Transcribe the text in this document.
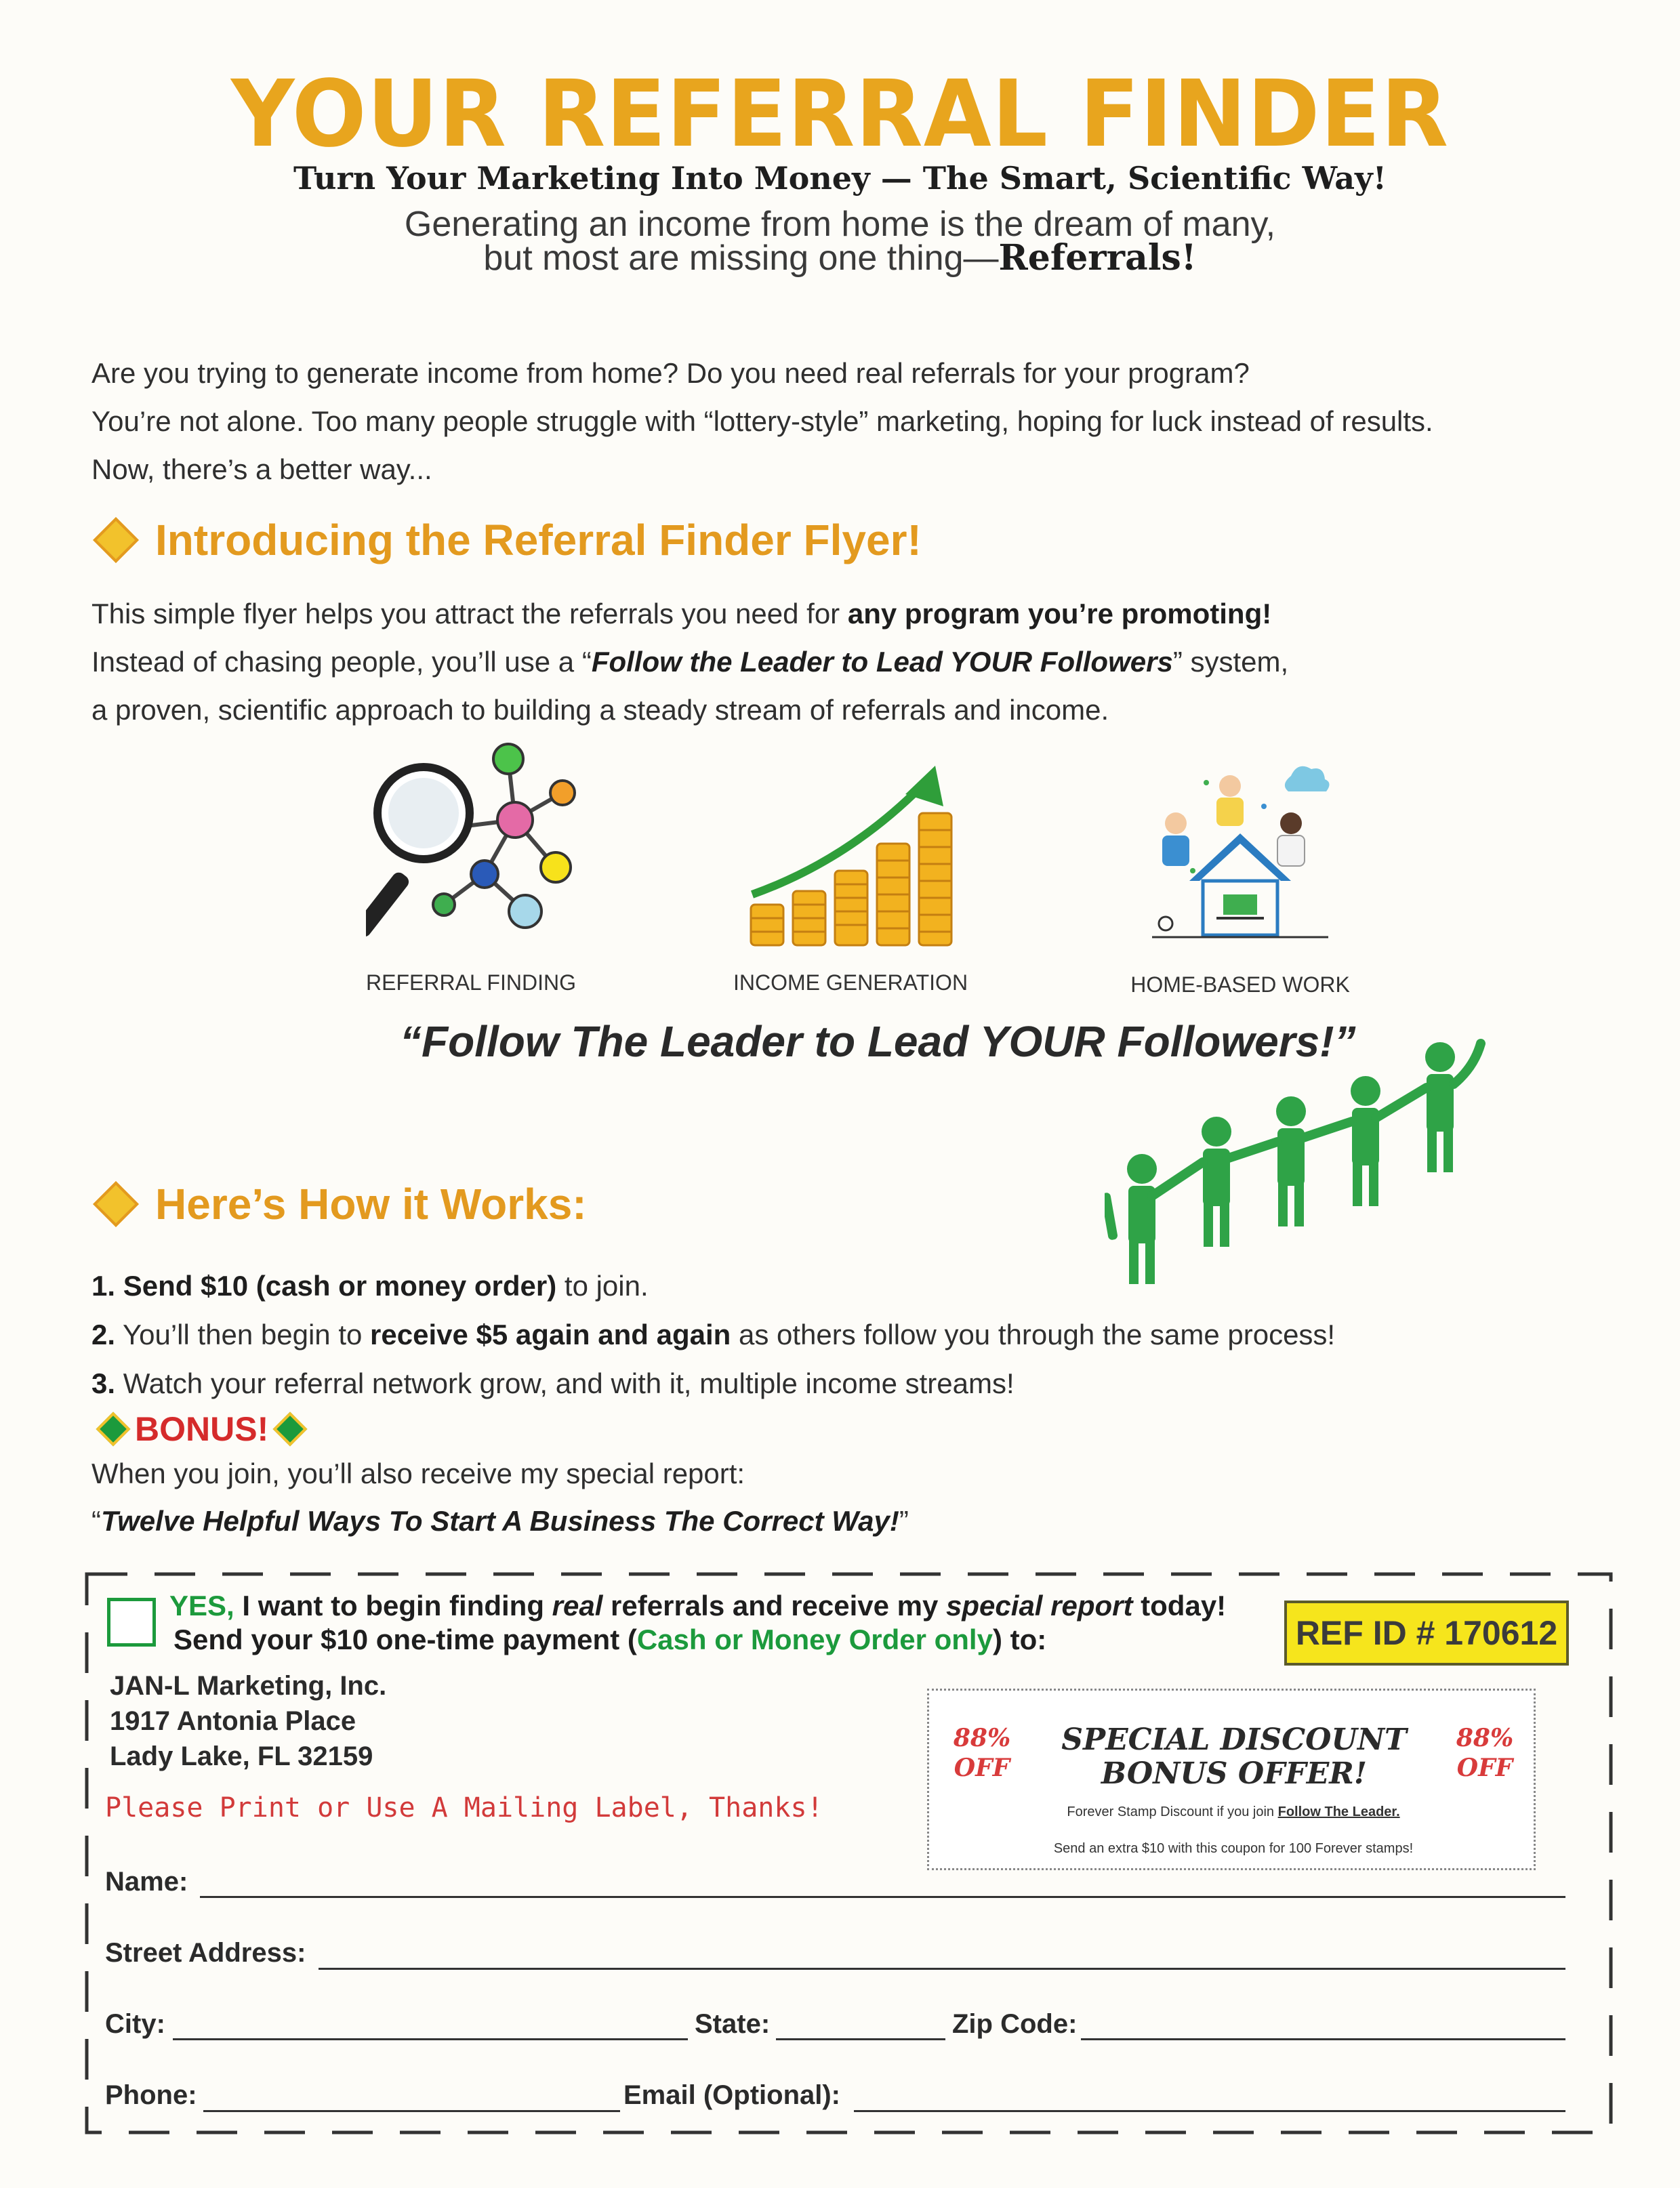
YOUR REFERRAL FINDER
Turn Your Marketing Into Money — The Smart, Scientific Way!
Generating an income from home is the dream of many,
but most are missing one thing—Referrals!
Are you trying to generate income from home? Do you need real referrals for your program?
You’re not alone. Too many people struggle with “lottery-style” marketing, hoping for luck instead of results.
Now, there’s a better way...
Introducing the Referral Finder Flyer!
This simple flyer helps you attract the referrals you need for any program you’re promoting!
Instead of chasing people, you’ll use a “Follow the Leader to Lead YOUR Followers” system,
a proven, scientific approach to building a steady stream of referrals and income.
REFERRAL FINDING	INCOME GENERATION	HOME-BASED WORK
“Follow The Leader to Lead YOUR Followers!”
Here’s How it Works:
1. Send $10 (cash or money order) to join.
2. You’ll then begin to receive $5 again and again as others follow you through the same process!
3. Watch your referral network grow, and with it, multiple income streams!
BONUS!
When you join, you’ll also receive my special report:
“Twelve Helpful Ways To Start A Business The Correct Way!”
YES, I want to begin finding real referrals and receive my special report today!
Send your $10 one-time payment (Cash or Money Order only) to:	REF ID # 170612
JAN-L Marketing, Inc.
1917 Antonia Place
Lady Lake, FL 32159
Please Print or Use A Mailing Label, Thanks!
88%
OFF
SPECIAL DISCOUNT
BONUS OFFER!
88%
OFF
Forever Stamp Discount if you join Follow The Leader.
Send an extra $10 with this coupon for 100 Forever stamps!
Name:
Street Address:
City:	State:	Zip Code:
Phone:	Email (Optional):
